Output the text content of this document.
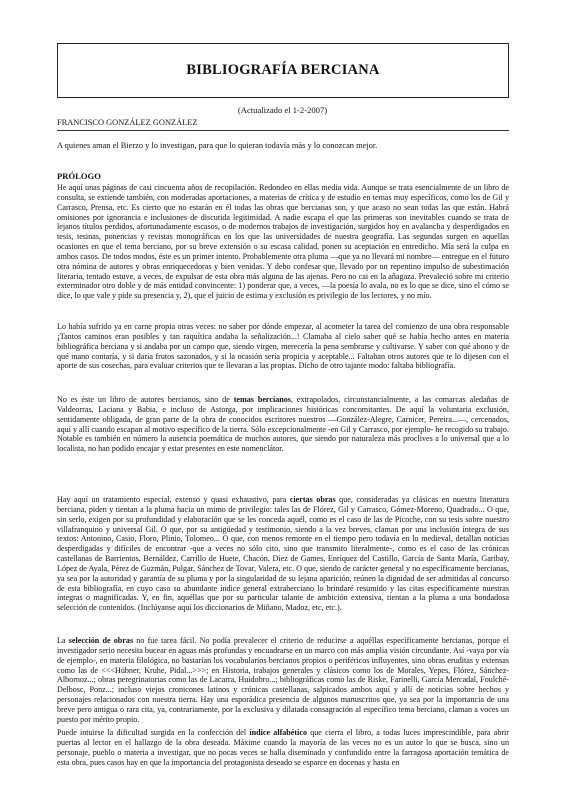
BIBLIOGRAFÍA BERCIANA
(Actualizado el 1-2-2007)
FRANCISCO GONZÁLEZ GONZÁLEZ
A quienes aman el Bierzo y lo investigan, para que lo quieran todavía más y lo conozcan mejor.
PRÓLOGO

He aquí unas páginas de casi cincuenta años de recopilación. Redondeo en ellas media vida. Aunque se trata esencialmente de un libro de consulta, se extiende también, con moderadas aportaciones, a materias de crítica y de estudio en temas muy específicos, como los de Gil y Carrasco, Prensa, etc. Es cierto que no estarán en él todas las obras que bercianas son, y que acaso no sean todas las que están. Habrá omisiones por ignorancia e inclusiones de discutida legitimidad. A nadie escapa el que las primeras son inevitables cuando se trata de lejanos títulos perdidos, afortunadamente escasos, o de modernos trabajos de investigación, surgidos hoy en avalancha y desperdigados en tesis, tesinas, ponencias y revistas monográficas en los que las universidades de nuestra geografía. Las segundas surgen en aquellas ocasiones en que el tema berciano, por su breve extensión o su escasa calidad, ponen su aceptación en entredicho. Mía será la culpa en ambos casos. De todos modos, éste es un primer intento. Probablemente otra pluma —que ya no llevará mi nombre— entregue en el futuro otra nómina de autores y obras enriquecedoras y bien venidas. Y debo confesar que, llevado por un repentino impulso de subestimación literaria, tentado estuve, a veces, de expulsar de esta obra más alguna de las ajenas. Pero no cai en la añagaza. Prevaleció sobre mi criterio exterminador otro doble y de más entidad convincente: 1) ponderar que, a veces, —la poesía lo avala, no es lo que se dice, sino el cómo se dice, lo que vale y pide su presencia y, 2), que el juicio de estima y exclusión es privilegio de los lectores, y no mío.

Lo había sufrido ya en carne propia otras veces: no saber por dónde empezar, al acometer la tarea del comienzo de una obra responsable ¡Tantos caminos eran posibles y tan raquítica andaba la señalización...! Clamaba al cielo saber qué se había hecho antes en materia bibliográfica berciana y si andaba por un campo que, siendo virgen, merecería la pena sembrarse y cultivarse. Y saber con qué abono y de qué mano contaría, y si daría frutos sazonados, y si la ocasión sería propicia y aceptable... Faltaban otros autores que te lo dijesen con el aporte de sus cosechas, para evaluar criterios que te llevaran a las propias. Dicho de otro tajante modo: faltaba bibliografía.

No es éste un libro de autores bercianos, sino de temas bercianos, extrapolados, circunstancialmente, a las comarcas aledañas de Valdeorras, Laciana y Babia, e incluso de Astorga, por implicaciones históricas concomitantes. De aquí la voluntaria exclusión, sentidamente obligada, de gran parte de la obra de conocidos escritores nuestros —González-Alegre, Carnicer, Pereira...—, cercenados, aquí y allí cuando escapan al motivo específico de la tierra. Sólo excepcionalmente -en Gil y Carrasco, por ejemplo- he recogido su trabajo. Notable es también en número la ausencia poemática de muchos autores, que siendo por naturaleza más proclives a lo universal que a lo localista, no han podido encajar y estar presentes en este nomenclátor.

Hay aquí un tratamiento especial, extenso y quasi exhaustivo, para ciertas obras que, consideradas ya clásicas en nuestra literatura berciana, piden y tientan a la pluma hacia un mimo de privilegio: tales las de Flórez, Gil y Carrasco, Gómez-Moreno, Quadrado... O que, sin serlo, exigen por su profundidad y elaboración que se les conceda aquél, como es el caso de las de Picoche, con su tesis sobre nuestro villafranquino y universal Gil. O que, por su antigüedad y testimonio, siendo a la vez breves, claman por una inclusión íntegra de sus textos: Antonino, Casio, Floro, Plinio, Tolomeo... O que, con menos remonte en el tiempo pero todavía en lo medieval, detallan noticias desperdigadas y difíciles de encontrar -que a veces no sólo cito, sino que transmito literalmente-, como es el caso de las crónicas castellanas de Barrientos, Bernáldez, Carrillo de Huete, Chacón, Díez de Games, Enríquez del Castillo, García de Santa María, Garibay, López de Ayala, Pérez de Guzmán, Pulgar, Sánchez de Tovar, Valera, etc. O que, siendo de carácter general y no específicamente bercianas, ya sea por la autoridad y garantía de su pluma y por la singularidad de su lejana aparición, reúnen la dignidad de ser admitidas al concurso de esta bibliografía, en cuyo caso su abundante índice general extraberciano lo brindaré resumido y las citas específicamente nuestras íntegras o magnificadas. Y, en fin, aquéllas que por su particular talante de ambición extensiva, tientan a la pluma a una bondadosa selección de contenidos. (Inclúyanse aquí los diccionarios de Miñano, Madoz, etc, etc.).

La selección de obras no fue tarea fácil. No podía prevalecer el criterio de reducirse a aquéllas específicamente bercianas, porque el investigador serio necesita bucear en aguas más profundas y encuadrarse en un marco con más amplia visión circundante. Así -vaya por vía de ejemplo-, en materia filológica, no bastarían los vocabularios bercianos propios o periféricos influyentes, sino obras eruditas y extensas como las de <<<Hübner, Kruhe, Pidal...>>>; en Historia, trabajos generales y clásicos como los de Morales, Yepes, Flórez, Sánchez-Albornoz...; obras peregrinatorias como las de Lacarra, Huidobro...; bibliográficas como las de Riske, Farinelli, García Mercadal, Foulché-Delbosc, Ponz...; incluso viejos cronicones latinos y crónicas castellanas, salpicados ambos aquí y allí de noticias sobre hechos y personajes relacionados con nuestra tierra. Hay una esporádica presencia de algunos manuscritos que, ya sea por la importancia de una breve pero antigua o rara cita, ya, contrariamente, por la exclusiva y dilatada consagración al específico tema berciano, claman a voces un puesto por mérito propio.

Puede intuirse la dificultad surgida en la confección del índice alfabético que cierra el libro, a todas luces imprescindible, para abrir puertas al lector en el hallazgo de la obra deseada. Máxime cuando la mayoría de las veces no es un autor lo que se busca, sino un personaje, pueblo o materia a investigar, que no pocas veces se halla diseminado y confundido entre la farragosa aportación temática de esta obra, pues casos hay en que la importancia del protagonista deseado se esparce en docenas y hasta en
